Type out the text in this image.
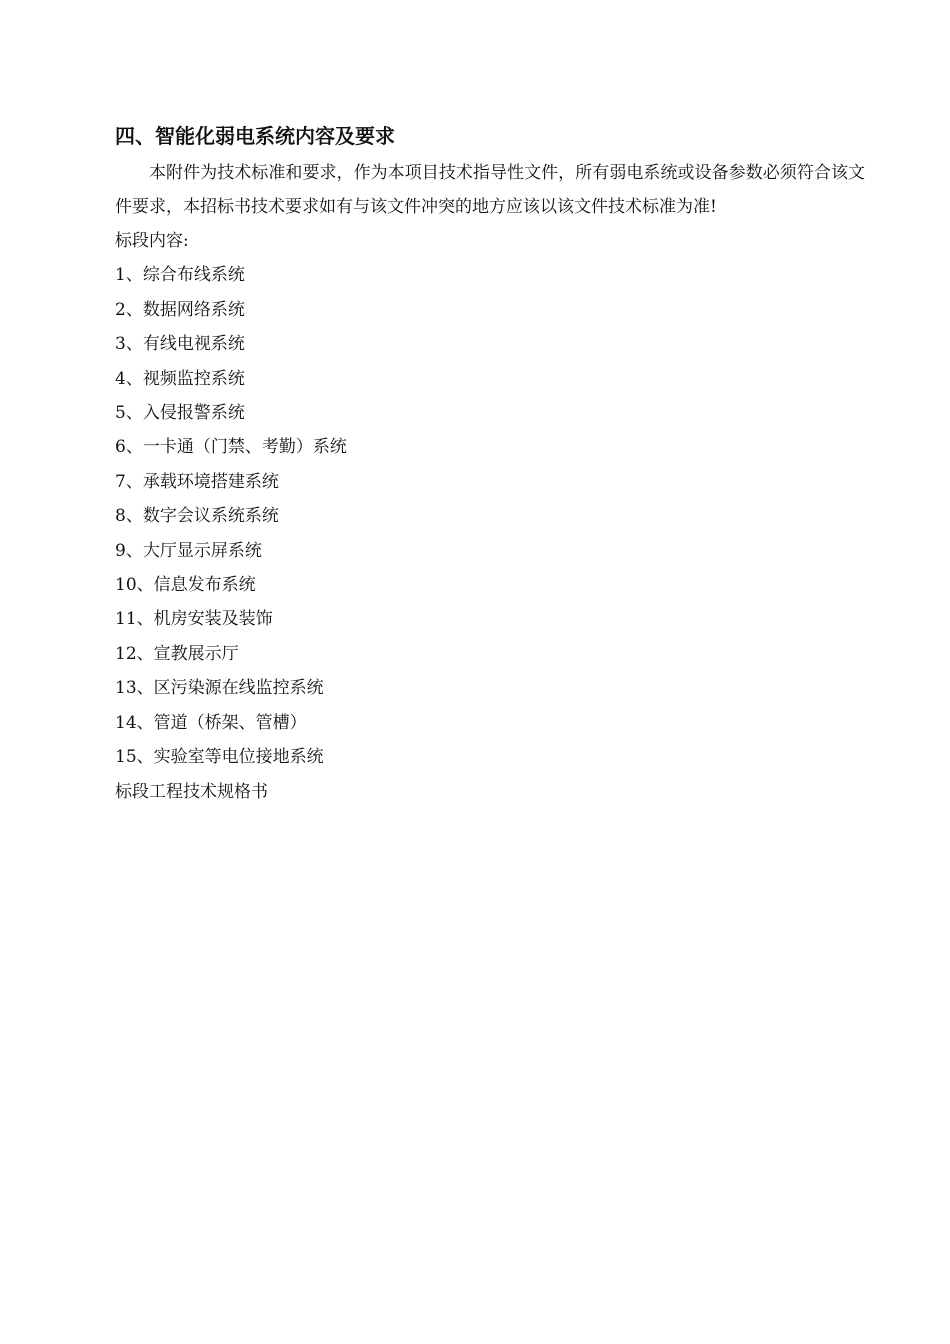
四、智能化弱电系统内容及要求

本附件为技术标准和要求，作为本项目技术指导性文件，所有弱电系统或设备参数必须符合该文件要求，本招标书技术要求如有与该文件冲突的地方应该以该文件技术标准为准!

标段内容:

1、综合布线系统
2、数据网络系统
3、有线电视系统
4、视频监控系统
5、入侵报警系统
6、一卡通（门禁、考勤）系统
7、承载环境搭建系统
8、数字会议系统系统
9、大厅显示屏系统
10、信息发布系统
11、机房安装及装饰
12、宣教展示厅
13、区污染源在线监控系统
14、管道（桥架、管槽）
15、实验室等电位接地系统

标段工程技术规格书
